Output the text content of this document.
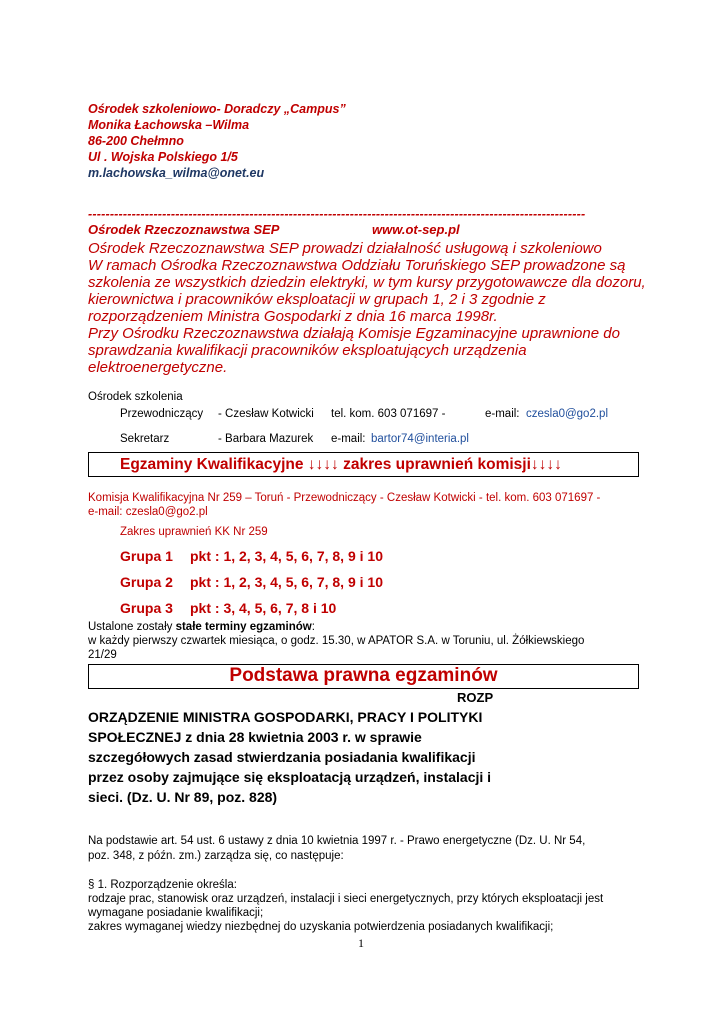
Ośrodek szkoleniowo- Doradczy „Campus”
Monika Łachowska –Wilma
86-200 Chełmno
Ul . Wojska Polskiego 1/5
m.lachowska_wilma@onet.eu
------------------------------------------------------------------------------------------------------------------
Ośrodek Rzeczoznawstwa SEP	www.ot-sep.pl
Ośrodek Rzeczoznawstwa SEP prowadzi działalność usługową i szkoleniowo
W ramach Ośrodka Rzeczoznawstwa Oddziału Toruńskiego SEP prowadzone są
szkolenia ze wszystkich dziedzin elektryki, w tym kursy przygotowawcze dla dozoru,
kierownictwa i pracowników eksploatacji w grupach 1, 2 i 3 zgodnie z
rozporządzeniem Ministra Gospodarki z dnia 16 marca 1998r.
Przy Ośrodku Rzeczoznawstwa działają Komisje Egzaminacyjne uprawnione do
sprawdzania kwalifikacji pracowników eksploatujących urządzenia
elektroenergetyczne.
Ośrodek szkolenia
Przewodniczący - Czesław Kotwicki tel. kom. 603 071697 -	e-mail: czesla0@go2.pl
Sekretarz	- Barbara Mazurek e-mail: bartor74@interia.pl
Egzaminy Kwalifikacyjne ↓↓↓↓ zakres uprawnień komisji↓↓↓↓
Komisja Kwalifikacyjna Nr 259 – Toruń - Przewodniczący - Czesław Kotwicki - tel. kom. 603 071697 -
e-mail: czesla0@go2.pl
Zakres uprawnień KK Nr 259
Grupa 1 pkt : 1, 2, 3, 4, 5, 6, 7, 8, 9 i 10
Grupa 2 pkt : 1, 2, 3, 4, 5, 6, 7, 8, 9 i 10
Grupa 3 pkt : 3, 4, 5, 6, 7, 8 i 10
Ustalone zostały stałe terminy egzaminów:
w każdy pierwszy czwartek miesiąca, o godz. 15.30, w APATOR S.A. w Toruniu, ul. Żółkiewskiego
21/29
Podstawa prawna egzaminów
ROZP
ORZĄDZENIE MINISTRA GOSPODARKI, PRACY I POLITYKI
SPOŁECZNEJ z dnia 28 kwietnia 2003 r. w sprawie
szczegółowych zasad stwierdzania posiadania kwalifikacji
przez osoby zajmujące się eksploatacją urządzeń, instalacji i
sieci. (Dz. U. Nr 89, poz. 828)
Na podstawie art. 54 ust. 6 ustawy z dnia 10 kwietnia 1997 r. - Prawo energetyczne (Dz. U. Nr 54,
poz. 348, z późn. zm.) zarządza się, co następuje:
§ 1. Rozporządzenie określa:
rodzaje prac, stanowisk oraz urządzeń, instalacji i sieci energetycznych, przy których eksploatacji jest
wymagane posiadanie kwalifikacji;
zakres wymaganej wiedzy niezbędnej do uzyskania potwierdzenia posiadanych kwalifikacji;
1
